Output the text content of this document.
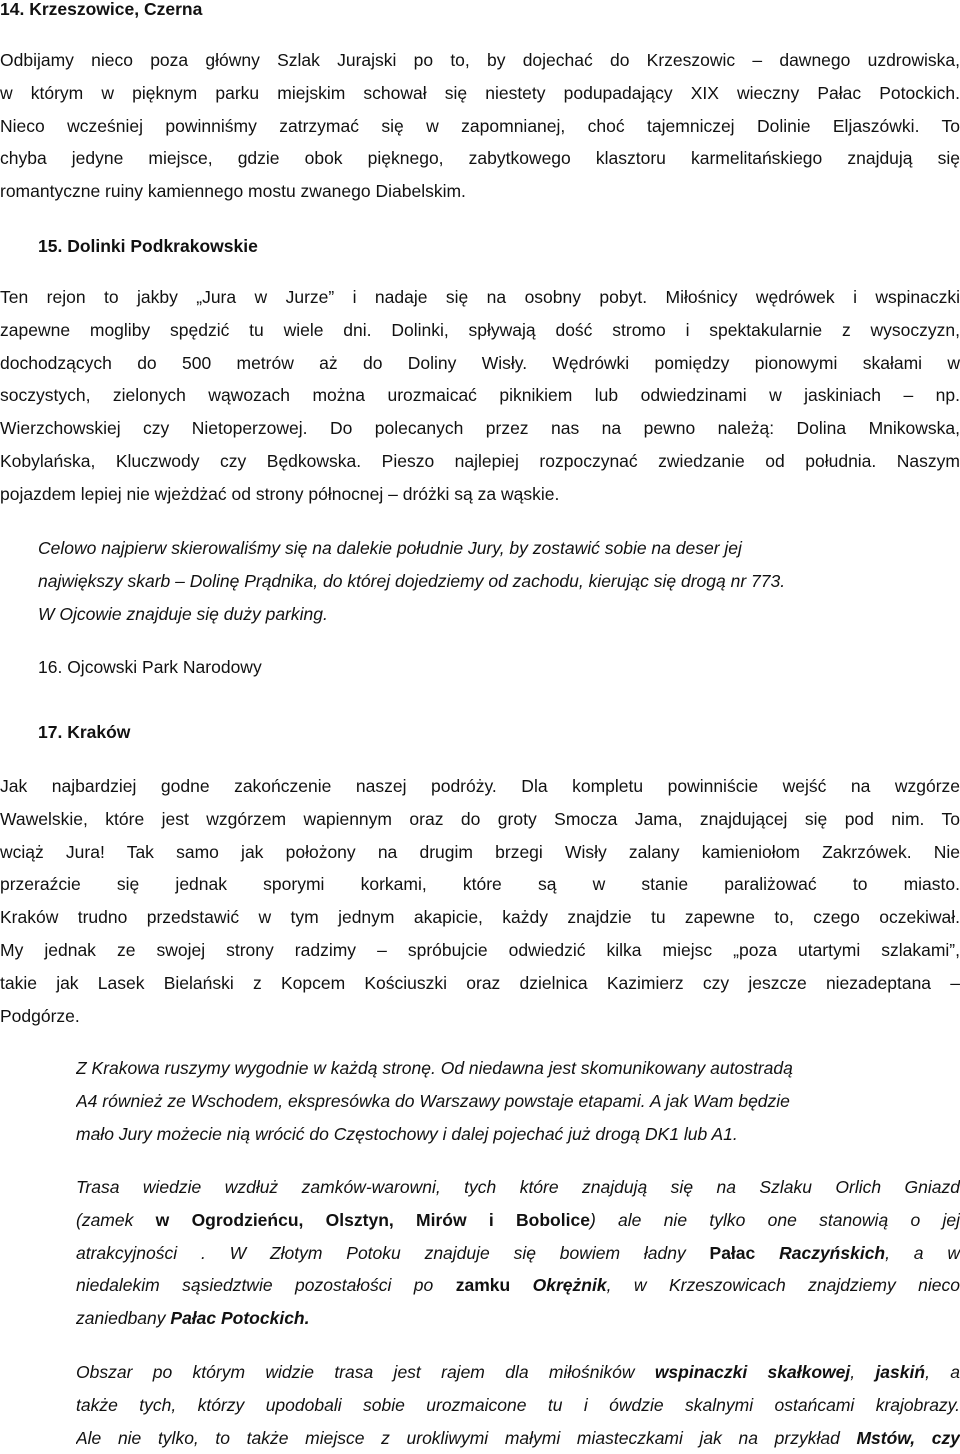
14. Krzeszowice, Czerna
Odbijamy nieco poza główny Szlak Jurajski po to, by dojechać do Krzeszowic – dawnego uzdrowiska,
w którym w pięknym parku miejskim schował się niestety podupadający XIX wieczny Pałac Potockich.
Nieco wcześniej powinniśmy zatrzymać się w zapomnianej, choć tajemniczej Dolinie Eljaszówki. To
chyba jedyne miejsce, gdzie obok pięknego, zabytkowego klasztoru karmelitańskiego znajdują się
romantyczne ruiny kamiennego mostu zwanego Diabelskim.
15. Dolinki Podkrakowskie
Ten rejon to jakby „Jura w Jurze” i nadaje się na osobny pobyt. Miłośnicy wędrówek i wspinaczki
zapewne mogliby spędzić tu wiele dni. Dolinki, spływają dość stromo i spektakularnie z wysoczyzn,
dochodzących do 500 metrów aż do Doliny Wisły. Wędrówki pomiędzy pionowymi skałami w
soczystych, zielonych wąwozach można urozmaicać piknikiem lub odwiedzinami w jaskiniach – np.
Wierzchowskiej czy Nietoperzowej. Do polecanych przez nas na pewno należą: Dolina Mnikowska,
Kobylańska, Kluczwody czy Będkowska. Pieszo najlepiej rozpoczynać zwiedzanie od południa. Naszym
pojazdem lepiej nie wjeżdżać od strony północnej – dróżki są za wąskie.
Celowo najpierw skierowaliśmy się na dalekie południe Jury, by zostawić sobie na deser jej
największy skarb – Dolinę Prądnika, do której dojedziemy od zachodu, kierując się drogą nr 773.
W Ojcowie znajduje się duży parking.
16. Ojcowski Park Narodowy
17. Kraków
Jak najbardziej godne zakończenie naszej podróży. Dla kompletu powinniście wejść na wzgórze
Wawelskie, które jest wzgórzem wapiennym oraz do groty Smocza Jama, znajdującej się pod nim. To
wciąż Jura! Tak samo jak położony na drugim brzegi Wisły zalany kamieniołom Zakrzówek. Nie
przeraźcie się jednak sporymi korkami, które są w stanie paraliżować to miasto.
Kraków trudno przedstawić w tym jednym akapicie, każdy znajdzie tu zapewne to, czego oczekiwał.
My jednak ze swojej strony radzimy – spróbujcie odwiedzić kilka miejsc „poza utartymi szlakami”,
takie jak Lasek Bielański z Kopcem Kościuszki oraz dzielnica Kazimierz czy jeszcze niezadeptana –
Podgórze.
Z Krakowa ruszymy wygodnie w każdą stronę. Od niedawna jest skomunikowany autostradą
A4 również ze Wschodem, ekspresówka do Warszawy powstaje etapami. A jak Wam będzie
mało Jury możecie nią wrócić do Częstochowy i dalej pojechać już drogą DK1 lub A1.
Trasa wiedzie wzdłuż zamków-warowni, tych które znajdują się na Szlaku Orlich Gniazd
(zamek w Ogrodzieńcu, Olsztyn, Mirów i Bobolice) ale nie tylko one stanowią o jej
atrakcyjności . W Złotym Potoku znajduje się bowiem ładny Pałac Raczyńskich, a w
niedalekim sąsiedztwie pozostałości po zamku Okrężnik, w Krzeszowicach znajdziemy nieco
zaniedbany Pałac Potockich.
Obszar po którym widzie trasa jest rajem dla miłośników wspinaczki skałkowej, jaskiń, a
także tych, którzy upodobali sobie urozmaicone tu i ówdzie skalnymi ostańcami krajobrazy.
Ale nie tylko, to także miejsce z urokliwymi małymi miasteczkami jak na przykład Mstów, czy
